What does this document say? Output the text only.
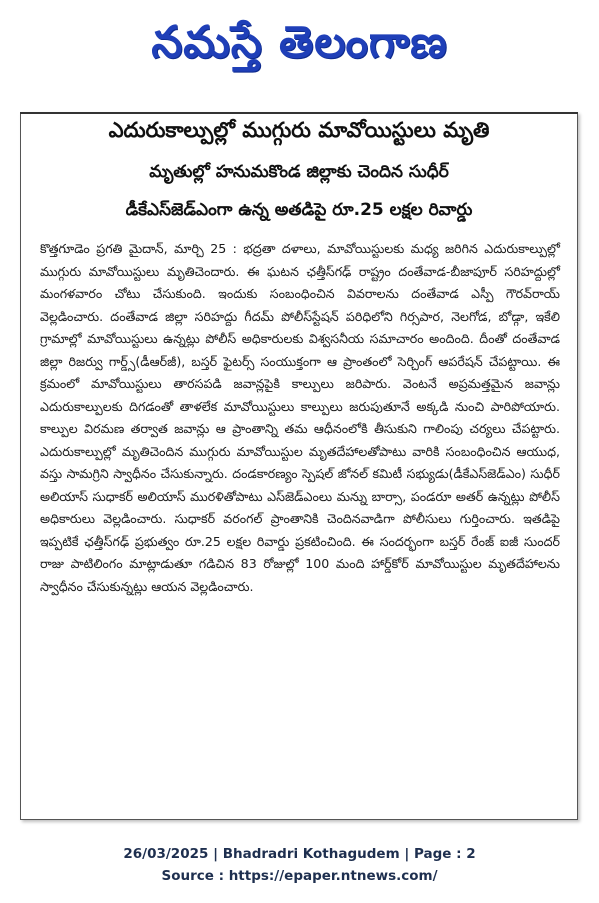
నమస్తే తెలంగాణ
ఎదురుకాల్పుల్లో ముగ్గురు మావోయిస్టులు మృతి
మృతుల్లో హనుమకొండ జిల్లాకు చెందిన సుధీర్
డీకేఎస్‌జెడ్‌ఎంగా ఉన్న అతడిపై రూ.25 లక్షల రివార్డు

కొత్తగూడెం ప్రగతి మైదాన్, మార్చి 25 : భద్రతా దళాలు, మావోయిస్టులకు మధ్య జరిగిన ఎదురుకాల్పుల్లో ముగ్గురు మావోయిస్టులు మృతిచెందారు. ఈ ఘటన ఛత్తీస్‌గఢ్ రాష్ట్రం దంతేవాడ-బీజాపూర్ సరిహద్దుల్లో మంగళవారం చోటు చేసుకుంది. ఇందుకు సంబంధించిన వివరాలను దంతేవాడ ఎస్పీ గౌరవ్‌రాయ్ వెల్లడించారు. దంతేవాడ జిల్లా సరిహద్దు గీదమ్ పోలీస్‌స్టేషన్ పరిధిలోని గిర్సపార, నెలగోడ, బోడ్గా, ఇకేలి గ్రామాల్లో మావోయిస్టులు ఉన్నట్లు పోలీస్ అధికారులకు విశ్వసనీయ సమాచారం అందింది. దీంతో దంతేవాడ జిల్లా రిజర్వు గార్డ్స్(డీఆర్‌జీ), బస్తర్ ఫైటర్స్ సంయుక్తంగా ఆ ప్రాంతంలో సెర్చింగ్ ఆపరేషన్ చేపట్టాయి. ఈ క్రమంలో మావోయిస్టులు తారసపడి జవాన్లపైకి కాల్పులు జరిపారు. వెంటనే అప్రమత్తమైన జవాన్లు ఎదురుకాల్పులకు దిగడంతో తాళలేక మావోయిస్టులు కాల్పులు జరుపుతూనే అక్కడి నుంచి పారిపోయారు. కాల్పుల విరమణ తర్వాత జవాన్లు ఆ ప్రాంతాన్ని తమ ఆధీనంలోకి తీసుకుని గాలింపు చర్యలు చేపట్టారు. ఎదురుకాల్పుల్లో మృతిచెందిన ముగ్గురు మావోయిస్టుల మృతదేహాలతోపాటు వారికి సంబంధించిన ఆయుధ, వస్తు సామగ్రిని స్వాధీనం చేసుకున్నారు. దండకారణ్యం స్పెషల్ జోనల్ కమిటీ సభ్యుడు(డీకేఎస్‌జెడ్‌ఎం) సుధీర్ అలియాస్ సుధాకర్ అలియాస్ మురళితోపాటు ఎస్‌జెడ్‌ఎంలు మన్ను బార్సా, పండరూ అతర్ ఉన్నట్లు పోలీస్ అధికారులు వెల్లడించారు. సుధాకర్ వరంగల్ ప్రాంతానికి చెందినవాడిగా పోలీసులు గుర్తించారు. ఇతడిపై ఇప్పటికే ఛత్తీస్‌గఢ్ ప్రభుత్వం రూ.25 లక్షల రివార్డు ప్రకటించింది. ఈ సందర్భంగా బస్తర్ రేంజ్ ఐజీ సుందర్ రాజు పాటిలింగం మాట్లాడుతూ గడిచిన 83 రోజుల్లో 100 మంది హార్డ్‌కోర్ మావోయిస్టుల మృతదేహాలను స్వాధీనం చేసుకున్నట్లు ఆయన వెల్లడించారు.

26/03/2025 | Bhadradri Kothagudem | Page : 2
Source : https://epaper.ntnews.com/
